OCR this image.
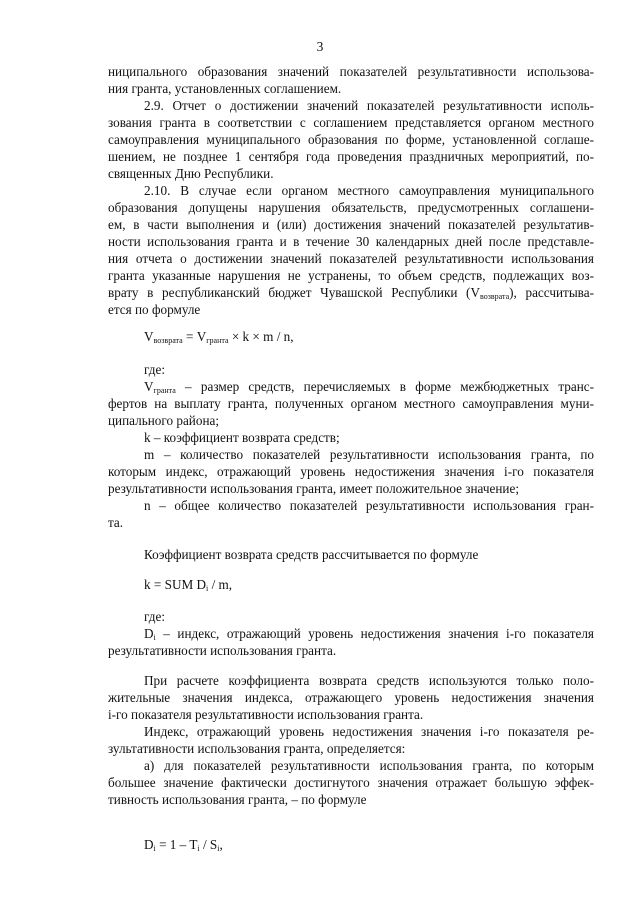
3
ниципального образования значений показателей результативности использова-
ния гранта, установленных соглашением.
2.9. Отчет о достижении значений показателей результативности исполь-
зования гранта в соответствии с соглашением представляется органом местного
самоуправления муниципального образования по форме, установленной соглаше-
шением, не позднее 1 сентября года проведения праздничных мероприятий, по-
священных Дню Республики.
2.10. В случае если органом местного самоуправления муниципального
образования допущены нарушения обязательств, предусмотренных соглашени-
ем, в части выполнения и (или) достижения значений показателей результатив-
ности использования гранта и в течение 30 календарных дней после представле-
ния отчета о достижении значений показателей результативности использования
гранта указанные нарушения не устранены, то объем средств, подлежащих воз-
врату в республиканский бюджет Чувашской Республики $(V_{возврата})$, рассчитыва-
ется по формуле
где:
$V_{гранта}$ – размер средств, перечисляемых в форме межбюджетных транс-
фертов на выплату гранта, полученных органом местного самоуправления муни-
ципального района;
k – коэффициент возврата средств;
m – количество показателей результативности использования гранта, по
которым индекс, отражающий уровень недостижения значения i-го показателя
результативности использования гранта, имеет положительное значение;
n – общее количество показателей результативности использования гран-
та.
Коэффициент возврата средств рассчитывается по формуле
где:
$D_i$ – индекс, отражающий уровень недостижения значения i-го показателя
результативности использования гранта.
При расчете коэффициента возврата средств используются только поло-
жительные значения индекса, отражающего уровень недостижения значения
i-го показателя результативности использования гранта.
Индекс, отражающий уровень недостижения значения i-го показателя ре-
зультативности использования гранта, определяется:
а) для показателей результативности использования гранта, по которым
большее значение фактически достигнутого значения отражает большую эффек-
тивность использования гранта, – по формуле
$V_{возврата} = V_{гранта} \times k \times m / n$,
k = SUM $D_i$ / m,
$D_i = 1 - T_i / S_i$,
